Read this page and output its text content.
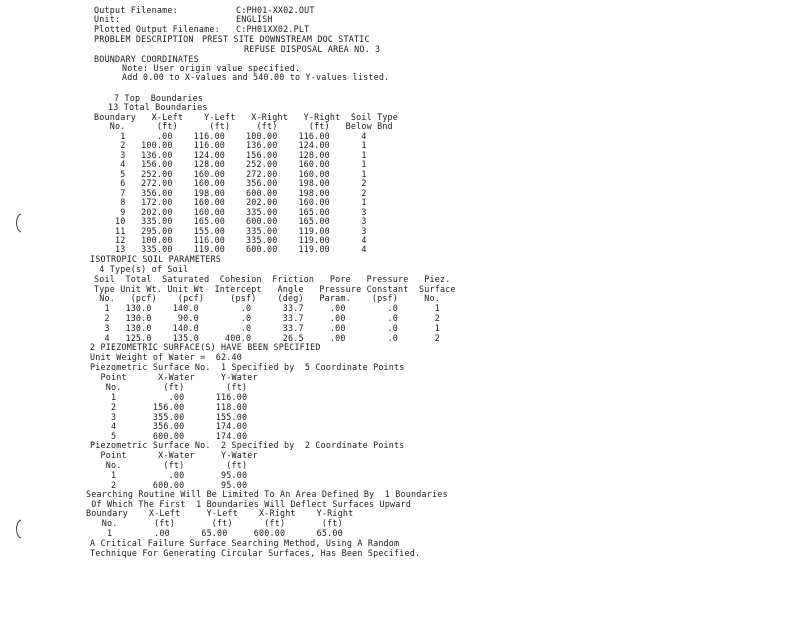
Output Filename:	C:PH01-XX02.OUT
Unit:	ENGLISH
Plotted Output Filename: C:PH01XX02.PLT
PROBLEM DESCRIPTION PREST SITE DOWNSTREAM DOC STATIC
REFUSE DISPOSAL AREA NO. 3
BOUNDARY COORDINATES
Note: User origin value specified.
Add 0.00 to X-values and 540.00 to Y-values listed.
7 Top  Boundaries
13 Total Boundaries
Boundary   X-Left    Y-Left   X-Right   Y-Right  Soil Type
No.      (ft)      (ft)     (ft)      (ft)   Below Bnd
1      .00    116.00    100.00    116.00      4
2   100.00    116.00    136.00    124.00      1
3   136.00    124.00    156.00    128.00      1
4   156.00    128.00    252.00    160.00      1
5   252.00    160.00    272.00    160.00      1
6   272.00    160.00    356.00    198.00      2
7   356.00    198.00    600.00    198.00      2
8   172.00    160.00    202.00    160.00      1
9   202.00    160.00    335.00    165.00      3
10   335.00    165.00    600.00    165.00      3
11   295.00    155.00    335.00    119.00      3
12   100.00    116.00    335.00    119.00      4
13   335.00    119.00    600.00    119.00      4
ISOTROPIC SOIL PARAMETERS
4 Type(s) of Soil
Soil  Total  Saturated  Cohesion  Friction   Pore   Pressure   Piez.
Type Unit Wt. Unit Wt  Intercept   Angle   Pressure Constant  Surface
No.   (pcf)    (pcf)     (psf)    (deg)   Param.    (psf)     No.
1   130.0    140.0        .0      33.7     .00        .0       1
2   130.0     90.0        .0      33.7     .00        .0       2
3   130.0    140.0        .0      33.7     .00        .0       1
4   125.0    135.0     400.0      26.5     .00        .0       2
2 PIEZOMETRIC SURFACE(S) HAVE BEEN SPECIFIED
Unit Weight of Water =  62.40
Piezometric Surface No.  1 Specified by  5 Coordinate Points
Point      X-Water     Y-Water
No.        (ft)        (ft)
1          .00      116.00
2       156.00      118.00
3       355.00      155.00
4       356.00      174.00
5       600.00      174.00
Piezometric Surface No.  2 Specified by  2 Coordinate Points
Point      X-Water     Y-Water
No.        (ft)        (ft)
1          .00       95.00
2       600.00       95.00
Searching Routine Will Be Limited To An Area Defined By  1 Boundaries
Of Which The First  1 Boundaries Will Deflect Surfaces Upward
Boundary    X-Left     Y-Left    X-Right    Y-Right
No.       (ft)       (ft)      (ft)       (ft)
1        .00      65.00     600.00      65.00
A Critical Failure Surface Searching Method, Using A Random
Technique For Generating Circular Surfaces, Has Been Specified.
